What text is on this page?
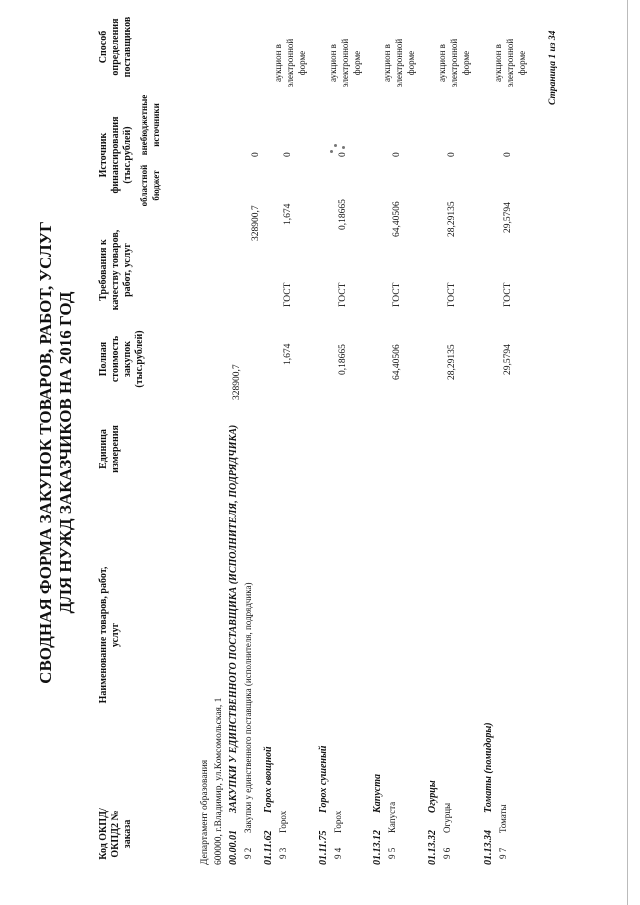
СВОДНАЯ ФОРМА ЗАКУПОК ТОВАРОВ, РАБОТ, УСЛУГ ДЛЯ НУЖД ЗАКАЗЧИКОВ НА 2016 ГОД
Код ОКПД/ ОКПД2 № заказа
Наименование товаров, работ, услуг
Единица измерения
Полная стоимость закупок (тыс.рублей)
Требования к качеству товаров, работ, услуг
Источник финансирования (тыс.рублей)
областной бюджет
внебюджетные источники
Способ определения поставщиков
Департамент образования 600000, г.Владимир, ул.Комсомольская, 1 00.00.01
ЗАКУПКИ У ЕДИНСТВЕННОГО ПОСТАВЩИКА (ИСПОЛНИТЕЛЯ, ПОДРЯДЧИКА)
328900,7
9 2
Закупки у единственного поставщика (исполнителя, подрядчика)
328900,7
0
01.11.62
Горох овощной
9 3
Горох
1,674
ГОСТ
1,674
0
аукцион в электронной форме
01.11.75
Горох сушеный
9 4
Горох
0,18665
ГОСТ
0,18665
0
аукцион в электронной форме
01.13.12
Капуста
9 5
Капуста
64,40506
ГОСТ
64,40506
0
аукцион в электронной форме
01.13.32
Огурцы
9 6
Огурцы
28,29135
ГОСТ
28,29135
0
аукцион в электронной форме
01.13.34
Томаты (помидоры)
9 7
Томаты
29,5794
ГОСТ
29,5794
0
аукцион в электронной форме Страница 1 из 34
